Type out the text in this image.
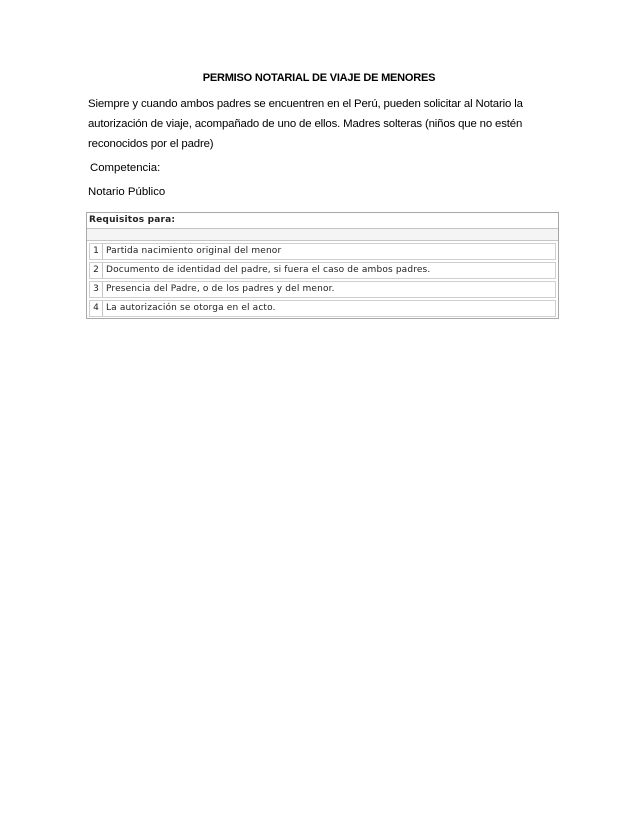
PERMISO NOTARIAL DE VIAJE DE MENORES
Siempre y cuando ambos padres se encuentren en el Perú, pueden solicitar al Notario la autorización de viaje, acompañado de uno de ellos. Madres solteras (niños que no estén reconocidos por el padre)
Competencia:
Notario Público
Requisitos para:
1 Partida nacimiento original del menor
2 Documento de identidad del padre, si fuera el caso de ambos padres.
3 Presencia del Padre, o de los padres y del menor.
4 La autorización se otorga en el acto.
